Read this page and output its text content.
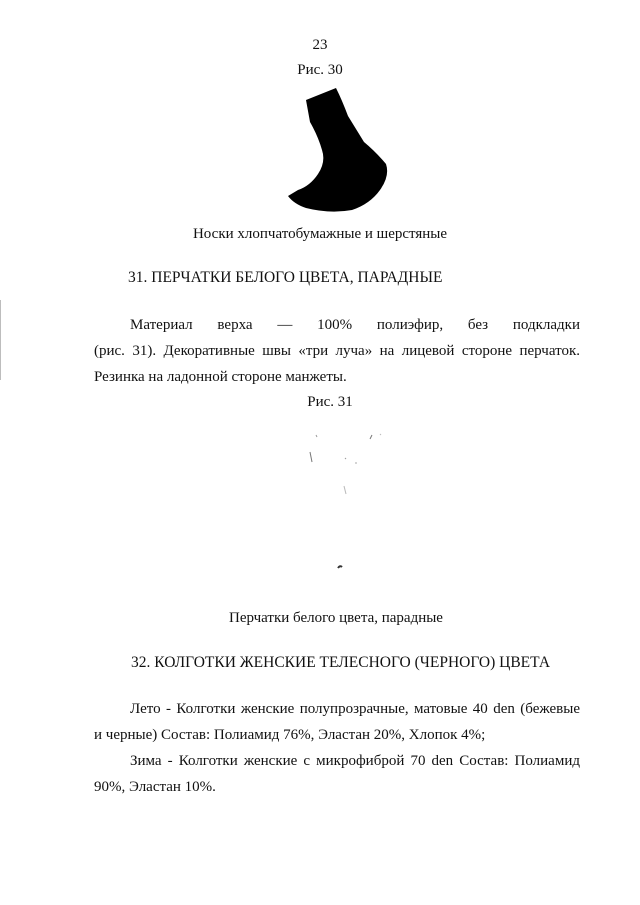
23
Рис. 30
Носки хлопчатобумажные и шерстяные
31. ПЕРЧАТКИ БЕЛОГО ЦВЕТА, ПАРАДНЫЕ
Материал верха — 100% полиэфир, без подкладки
(рис. 31). Декоративные швы «три луча» на лицевой стороне перчаток.
Резинка на ладонной стороне манжеты.
Рис. 31
Перчатки белого цвета, парадные
32. КОЛГОТКИ ЖЕНСКИЕ ТЕЛЕСНОГО (ЧЕРНОГО) ЦВЕТА
Лето - Колготки женские полупрозрачные, матовые 40 den (бежевые
и черные) Состав: Полиамид 76%, Эластан 20%, Хлопок 4%;
Зима - Колготки женские с микрофиброй 70 den Состав: Полиамид
90%, Эластан 10%.
